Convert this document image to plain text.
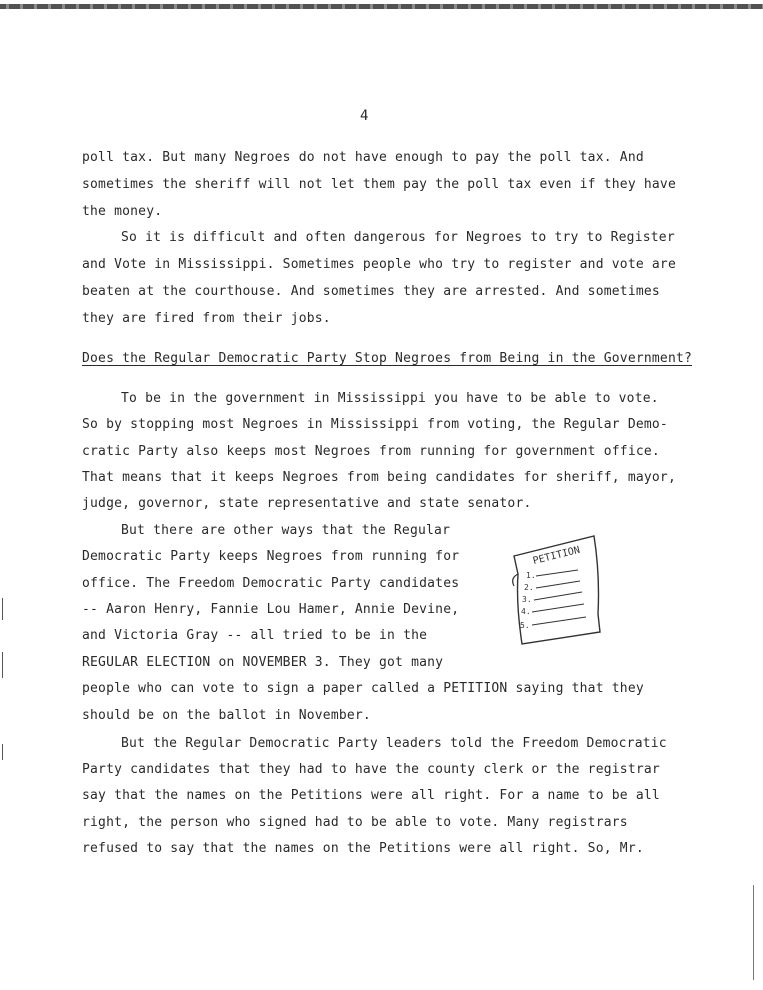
4
poll tax. But many Negroes do not have enough to pay the poll tax. And
sometimes the sheriff will not let them pay the poll tax even if they have
the money.
So it is difficult and often dangerous for Negroes to try to Register
and Vote in Mississippi. Sometimes people who try to register and vote are
beaten at the courthouse. And sometimes they are arrested. And sometimes
they are fired from their jobs.
Does the Regular Democratic Party Stop Negroes from Being in the Government?
To be in the government in Mississippi you have to be able to vote.
So by stopping most Negroes in Mississippi from voting, the Regular Demo-
cratic Party also keeps most Negroes from running for government office.
That means that it keeps Negroes from being candidates for sheriff, mayor,
judge, governor, state representative and state senator.
But there are other ways that the Regular
Democratic Party keeps Negroes from running for
office. The Freedom Democratic Party candidates
-- Aaron Henry, Fannie Lou Hamer, Annie Devine,
and Victoria Gray -- all tried to be in the
REGULAR ELECTION on NOVEMBER 3. They got many
people who can vote to sign a paper called a PETITION saying that they
should be on the ballot in November.
But the Regular Democratic Party leaders told the Freedom Democratic
Party candidates that they had to have the county clerk or the registrar
say that the names on the Petitions were all right. For a name to be all
right, the person who signed had to be able to vote. Many registrars
refused to say that the names on the Petitions were all right. So, Mr.
PETITION
1.
2.
3.
4.
5.
